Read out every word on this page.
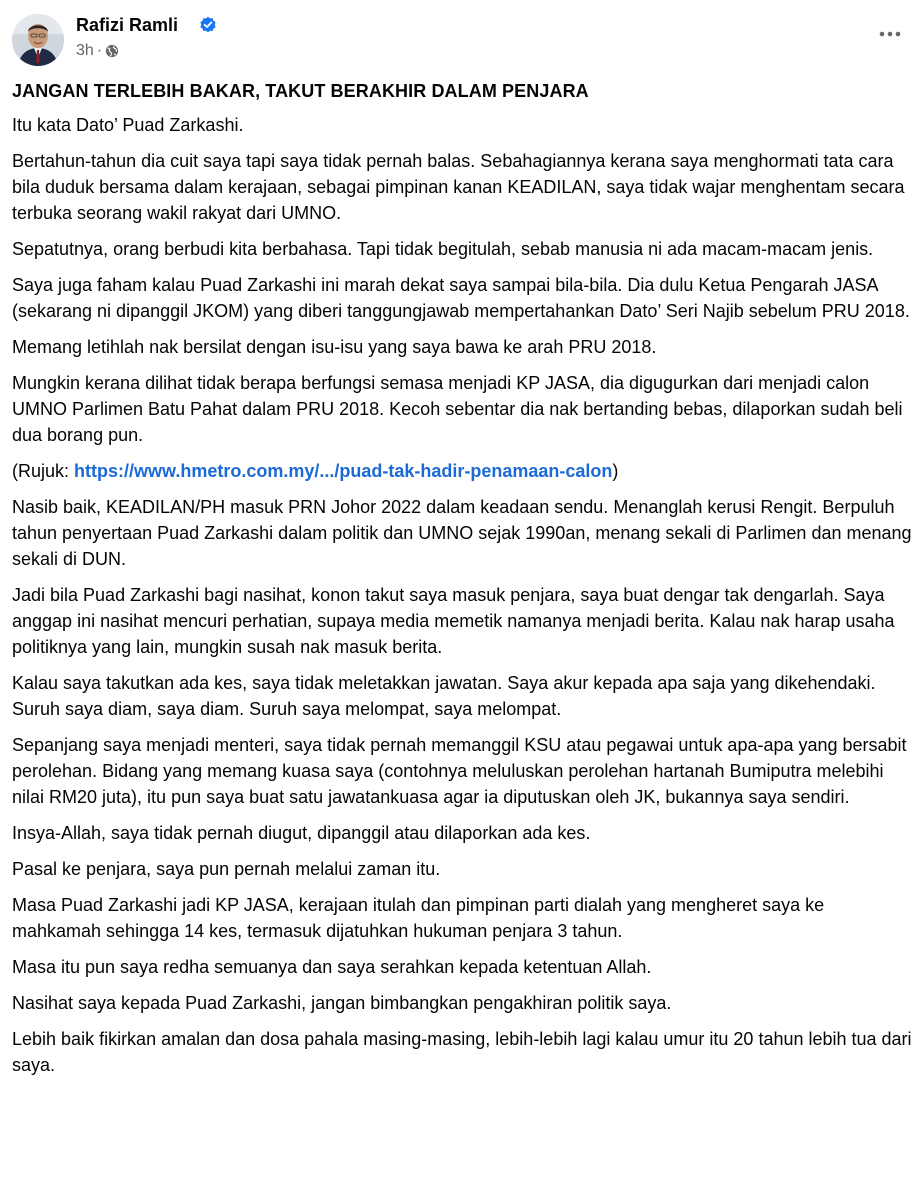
Rafizi Ramli
3h ·
JANGAN TERLEBIH BAKAR, TAKUT BERAKHIR DALAM PENJARA
Itu kata Dato’ Puad Zarkashi.
Bertahun-tahun dia cuit saya tapi saya tidak pernah balas. Sebahagiannya kerana saya menghormati tata cara bila duduk bersama dalam kerajaan, sebagai pimpinan kanan KEADILAN, saya tidak wajar menghentam secara terbuka seorang wakil rakyat dari UMNO.
Sepatutnya, orang berbudi kita berbahasa. Tapi tidak begitulah, sebab manusia ni ada macam-macam jenis.
Saya juga faham kalau Puad Zarkashi ini marah dekat saya sampai bila-bila. Dia dulu Ketua Pengarah JASA (sekarang ni dipanggil JKOM) yang diberi tanggungjawab mempertahankan Dato’ Seri Najib sebelum PRU 2018.
Memang letihlah nak bersilat dengan isu-isu yang saya bawa ke arah PRU 2018.
Mungkin kerana dilihat tidak berapa berfungsi semasa menjadi KP JASA, dia digugurkan dari menjadi calon UMNO Parlimen Batu Pahat dalam PRU 2018. Kecoh sebentar dia nak bertanding bebas, dilaporkan sudah beli dua borang pun.
(Rujuk: https://www.hmetro.com.my/.../puad-tak-hadir-penamaan-calon)
Nasib baik, KEADILAN/PH masuk PRN Johor 2022 dalam keadaan sendu. Menanglah kerusi Rengit. Berpuluh tahun penyertaan Puad Zarkashi dalam politik dan UMNO sejak 1990an, menang sekali di Parlimen dan menang sekali di DUN.
Jadi bila Puad Zarkashi bagi nasihat, konon takut saya masuk penjara, saya buat dengar tak dengarlah. Saya anggap ini nasihat mencuri perhatian, supaya media memetik namanya menjadi berita. Kalau nak harap usaha politiknya yang lain, mungkin susah nak masuk berita.
Kalau saya takutkan ada kes, saya tidak meletakkan jawatan. Saya akur kepada apa saja yang dikehendaki. Suruh saya diam, saya diam. Suruh saya melompat, saya melompat.
Sepanjang saya menjadi menteri, saya tidak pernah memanggil KSU atau pegawai untuk apa-apa yang bersabit perolehan. Bidang yang memang kuasa saya (contohnya meluluskan perolehan hartanah Bumiputra melebihi nilai RM20 juta), itu pun saya buat satu jawatankuasa agar ia diputuskan oleh JK, bukannya saya sendiri.
Insya-Allah, saya tidak pernah diugut, dipanggil atau dilaporkan ada kes.
Pasal ke penjara, saya pun pernah melalui zaman itu.
Masa Puad Zarkashi jadi KP JASA, kerajaan itulah dan pimpinan parti dialah yang mengheret saya ke mahkamah sehingga 14 kes, termasuk dijatuhkan hukuman penjara 3 tahun.
Masa itu pun saya redha semuanya dan saya serahkan kepada ketentuan Allah.
Nasihat saya kepada Puad Zarkashi, jangan bimbangkan pengakhiran politik saya.
Lebih baik fikirkan amalan dan dosa pahala masing-masing, lebih-lebih lagi kalau umur itu 20 tahun lebih tua dari saya.
